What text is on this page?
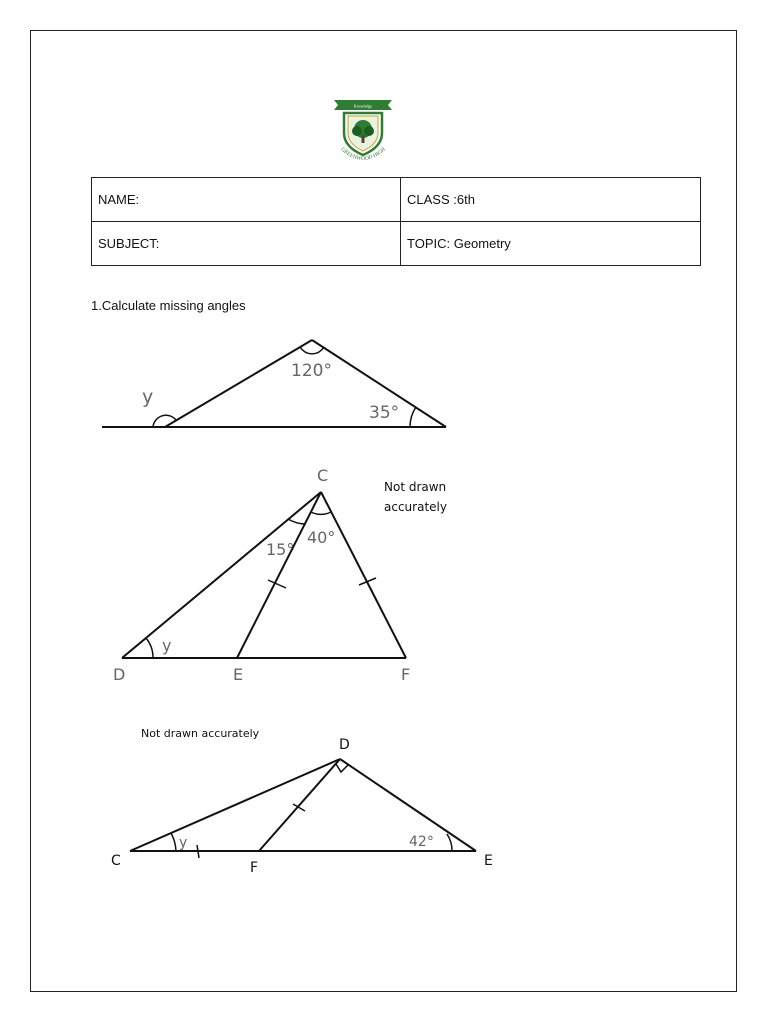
Knowledge
GREENWOOD HIGH
NAME:	CLASS :6th
SUBJECT:	TOPIC: Geometry
1.Calculate missing angles
120°
35°
y
C
D	E	F
15°
40°
y
Not drawn
accurately
Not drawn accurately
D
C	F	E
42°
y
